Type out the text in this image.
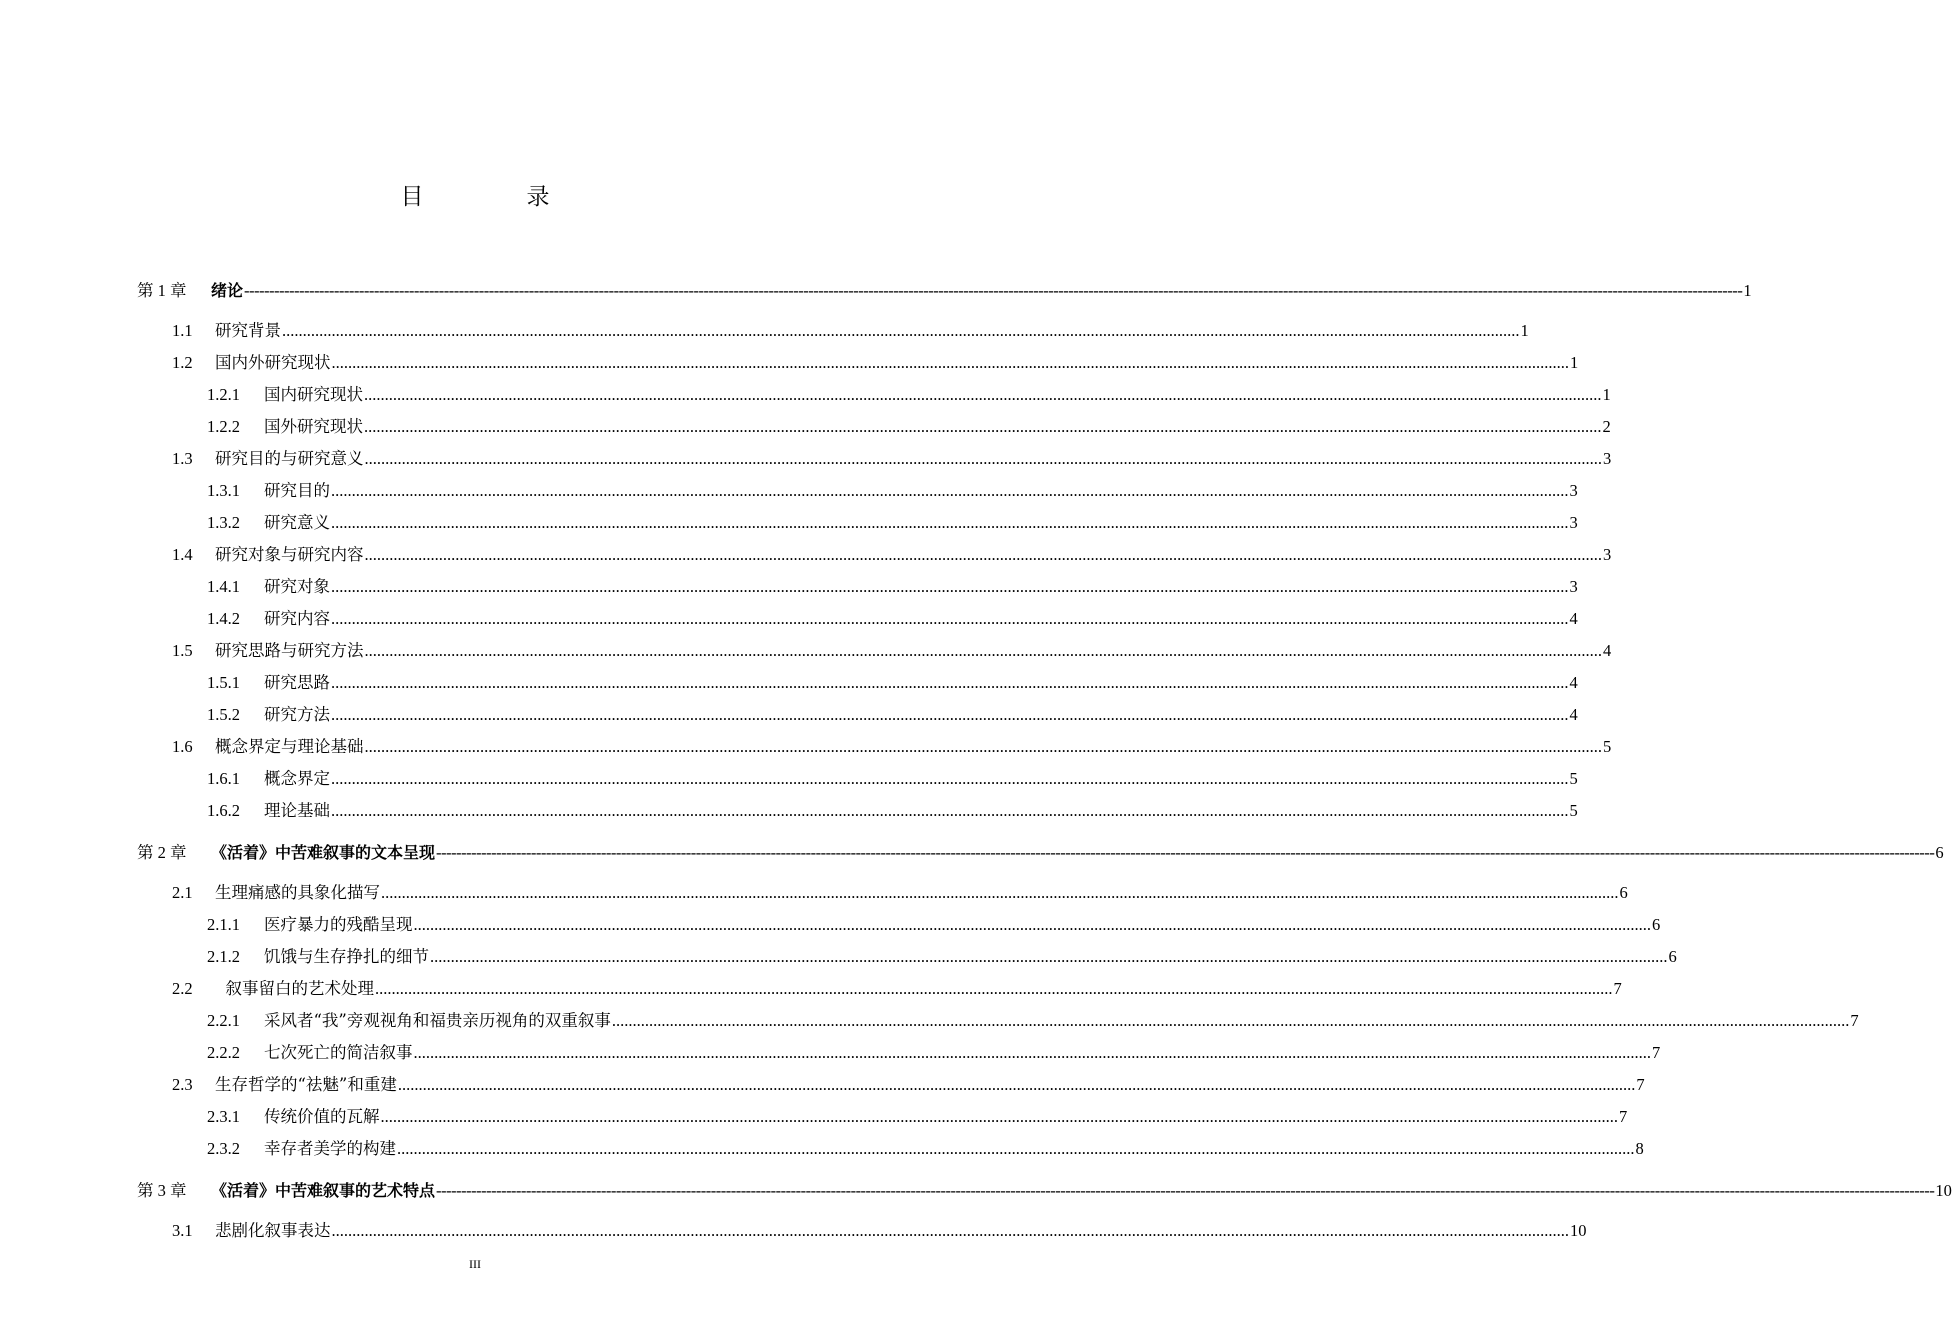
目　录
第 1 章	绪论 ------------------------------------------------------------------------------------------------------------------------------------------------------------------------------------------------------------------------------------------------------------------------------------------------------------ 1
1.1	研究背景 ............................................................................................................................................................................................................................................................................................................ 1
1.2	国内外研究现状 ............................................................................................................................................................................................................................................................................................................ 1
1.2.1	国内研究现状 ............................................................................................................................................................................................................................................................................................................ 1
1.2.2	国外研究现状 ............................................................................................................................................................................................................................................................................................................ 2
1.3	研究目的与研究意义 ............................................................................................................................................................................................................................................................................................................ 3
1.3.1	研究目的 ............................................................................................................................................................................................................................................................................................................ 3
1.3.2	研究意义 ............................................................................................................................................................................................................................................................................................................ 3
1.4	研究对象与研究内容 ............................................................................................................................................................................................................................................................................................................ 3
1.4.1	研究对象 ............................................................................................................................................................................................................................................................................................................ 3
1.4.2	研究内容 ............................................................................................................................................................................................................................................................................................................ 4
1.5	研究思路与研究方法 ............................................................................................................................................................................................................................................................................................................ 4
1.5.1	研究思路 ............................................................................................................................................................................................................................................................................................................ 4
1.5.2	研究方法 ............................................................................................................................................................................................................................................................................................................ 4
1.6	概念界定与理论基础 ............................................................................................................................................................................................................................................................................................................ 5
1.6.1	概念界定 ............................................................................................................................................................................................................................................................................................................ 5
1.6.2	理论基础 ............................................................................................................................................................................................................................................................................................................ 5
第 2 章	《活着》中苦难叙事的文本呈现 ------------------------------------------------------------------------------------------------------------------------------------------------------------------------------------------------------------------------------------------------------------------------------------------------------------ 6
2.1	生理痛感的具象化描写 ............................................................................................................................................................................................................................................................................................................ 6
2.1.1	医疗暴力的残酷呈现 ............................................................................................................................................................................................................................................................................................................ 6
2.1.2	饥饿与生存挣扎的细节 ............................................................................................................................................................................................................................................................................................................ 6
2.2	叙事留白的艺术处理 ............................................................................................................................................................................................................................................................................................................ 7
2.2.1	采风者“我”旁观视角和福贵亲历视角的双重叙事 ............................................................................................................................................................................................................................................................................................................ 7
2.2.2	七次死亡的简洁叙事 ............................................................................................................................................................................................................................................................................................................ 7
2.3	生存哲学的“祛魅”和重建 ............................................................................................................................................................................................................................................................................................................ 7
2.3.1	传统价值的瓦解 ............................................................................................................................................................................................................................................................................................................ 7
2.3.2	幸存者美学的构建 ............................................................................................................................................................................................................................................................................................................ 8
第 3 章	《活着》中苦难叙事的艺术特点 ------------------------------------------------------------------------------------------------------------------------------------------------------------------------------------------------------------------------------------------------------------------------------------------------------------ 10
3.1	悲剧化叙事表达 ............................................................................................................................................................................................................................................................................................................ 10
III
